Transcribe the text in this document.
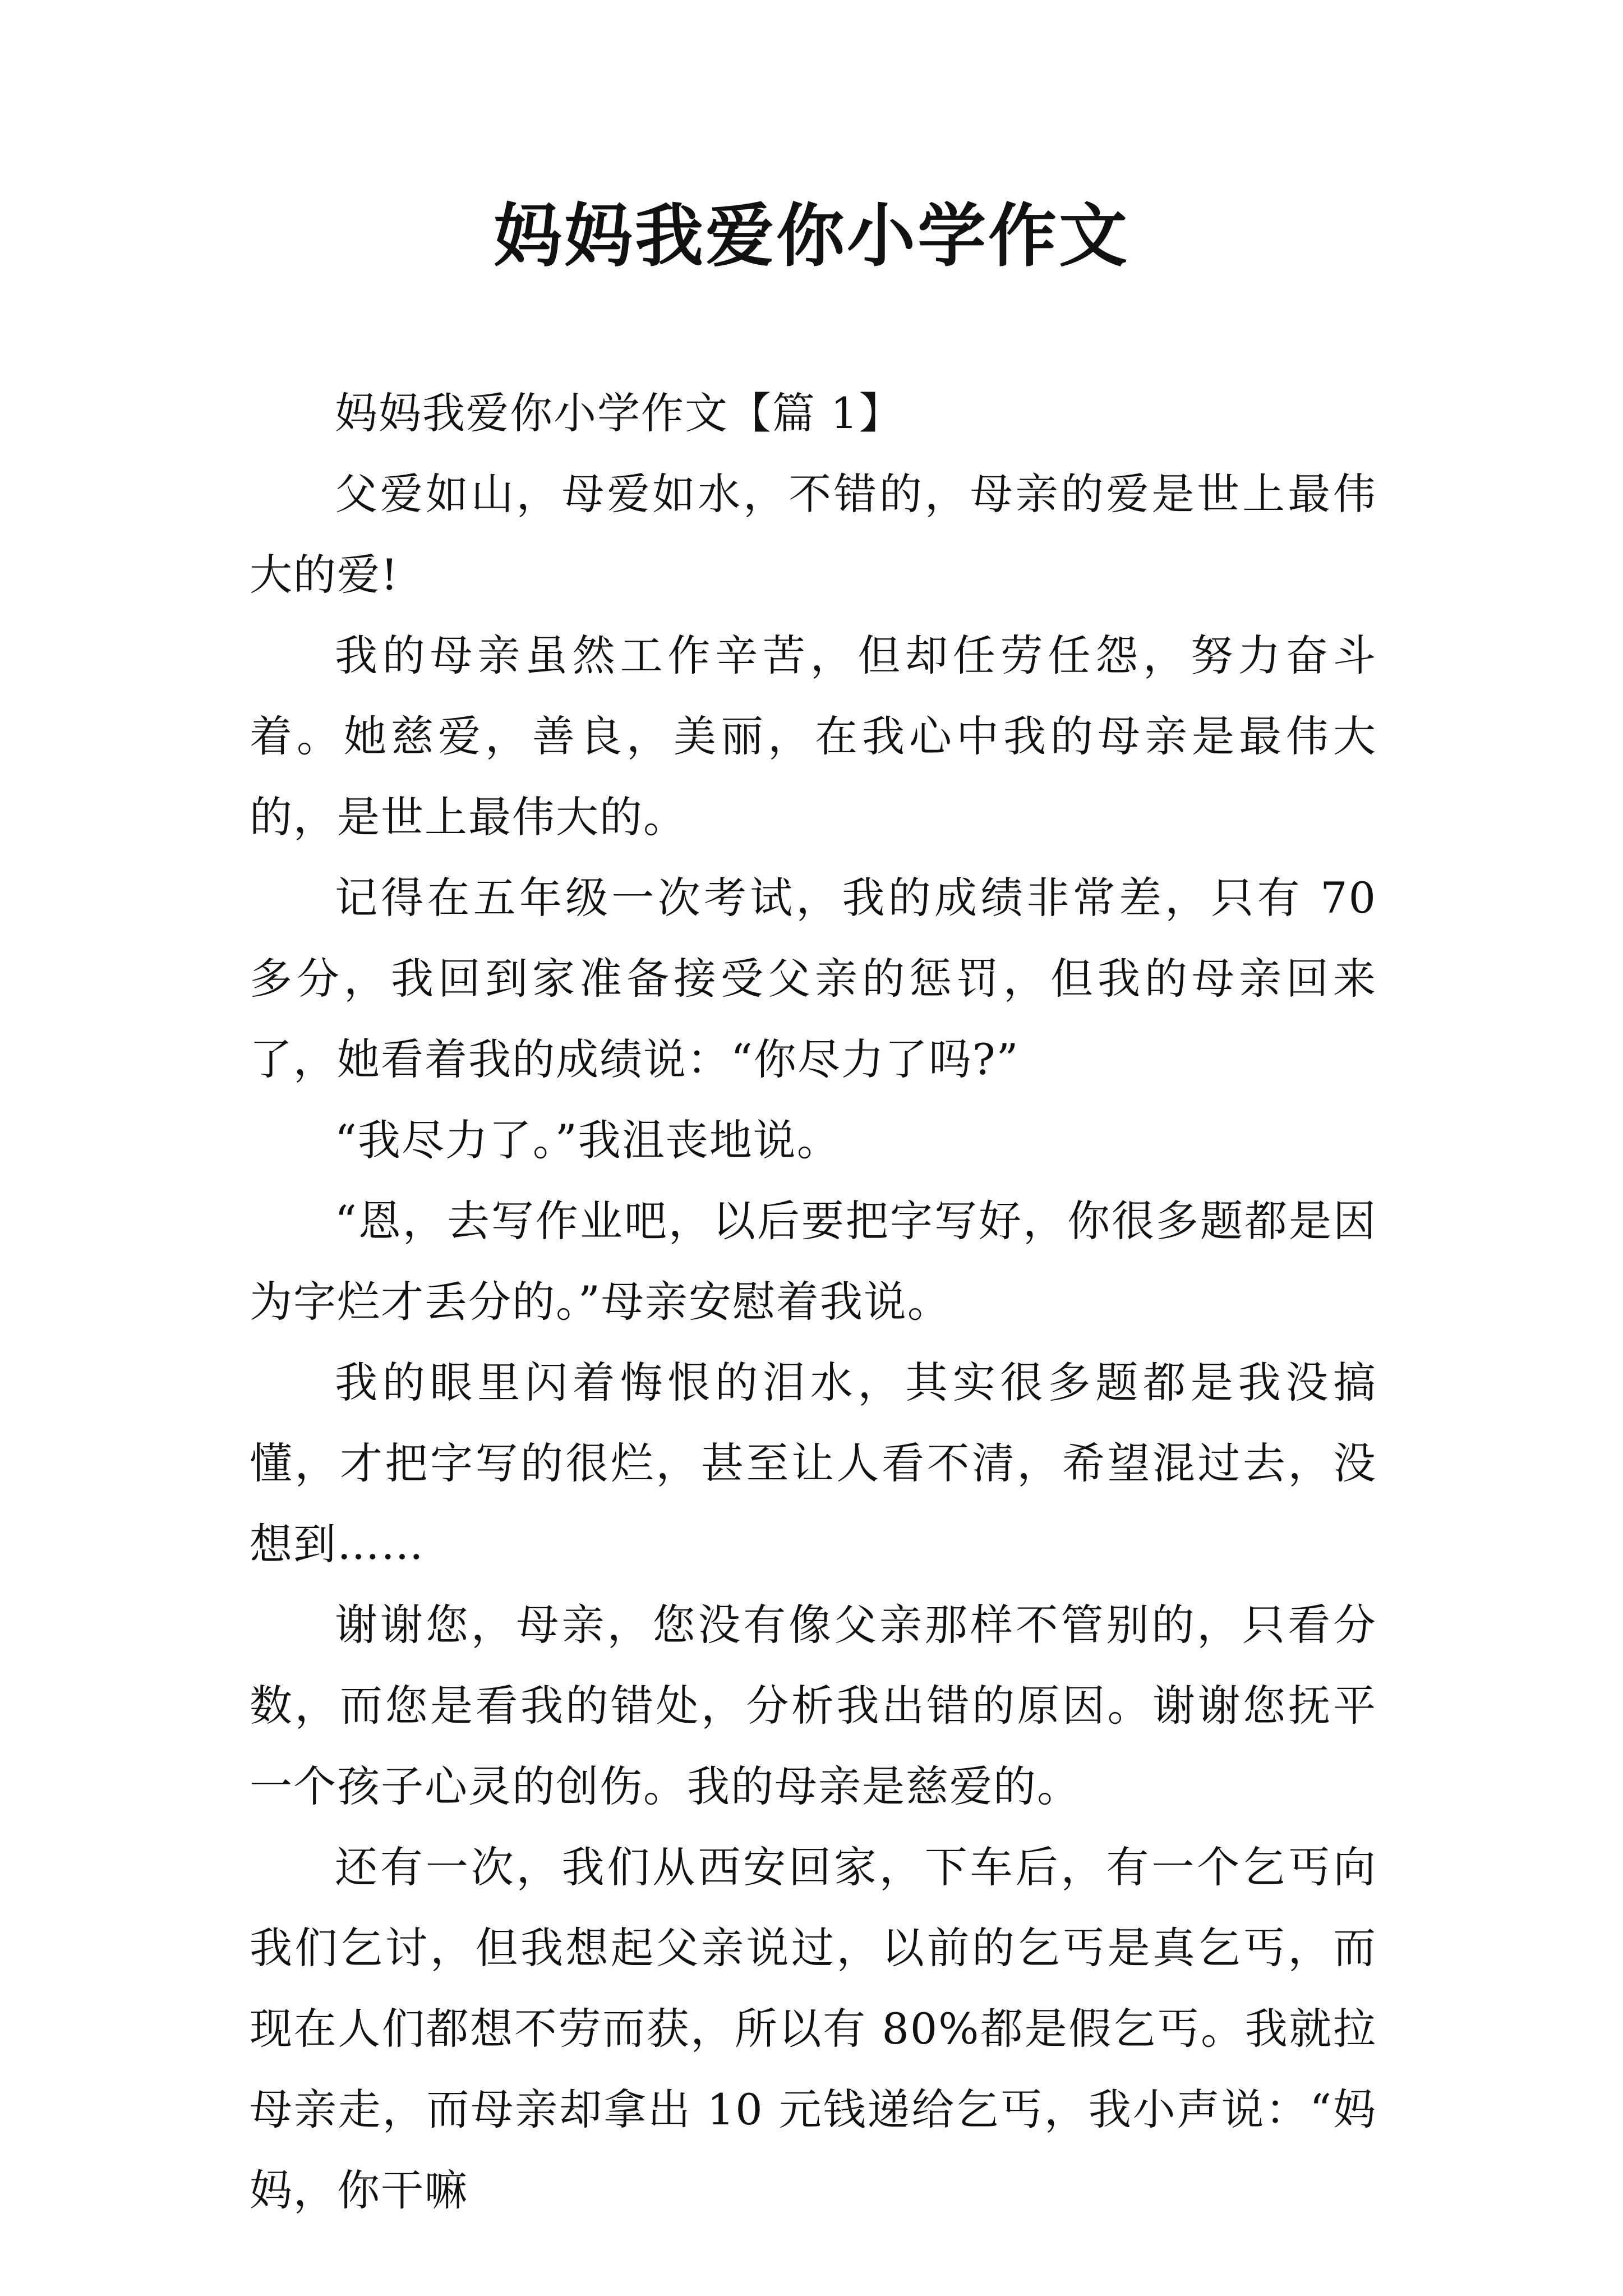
妈妈我爱你小学作文

妈妈我爱你小学作文【篇 1】

父爱如山，母爱如水，不错的，母亲的爱是世上最伟大的爱!

我的母亲虽然工作辛苦，但却任劳任怨，努力奋斗着。她慈爱，善良，美丽，在我心中我的母亲是最伟大的，是世上最伟大的。

记得在五年级一次考试，我的成绩非常差，只有 70 多分，我回到家准备接受父亲的惩罚，但我的母亲回来了，她看着我的成绩说：“你尽力了吗?”

“我尽力了。”我沮丧地说。

“恩，去写作业吧，以后要把字写好，你很多题都是因为字烂才丢分的。”母亲安慰着我说。

我的眼里闪着悔恨的泪水，其实很多题都是我没搞懂，才把字写的很烂，甚至让人看不清，希望混过去，没想到……

谢谢您，母亲，您没有像父亲那样不管别的，只看分数，而您是看我的错处，分析我出错的原因。谢谢您抚平一个孩子心灵的创伤。我的母亲是慈爱的。

还有一次，我们从西安回家，下车后，有一个乞丐向我们乞讨，但我想起父亲说过，以前的乞丐是真乞丐，而现在人们都想不劳而获，所以有 80%都是假乞丐。我就拉母亲走，而母亲却拿出 10 元钱递给乞丐，我小声说：“妈妈，你干嘛
